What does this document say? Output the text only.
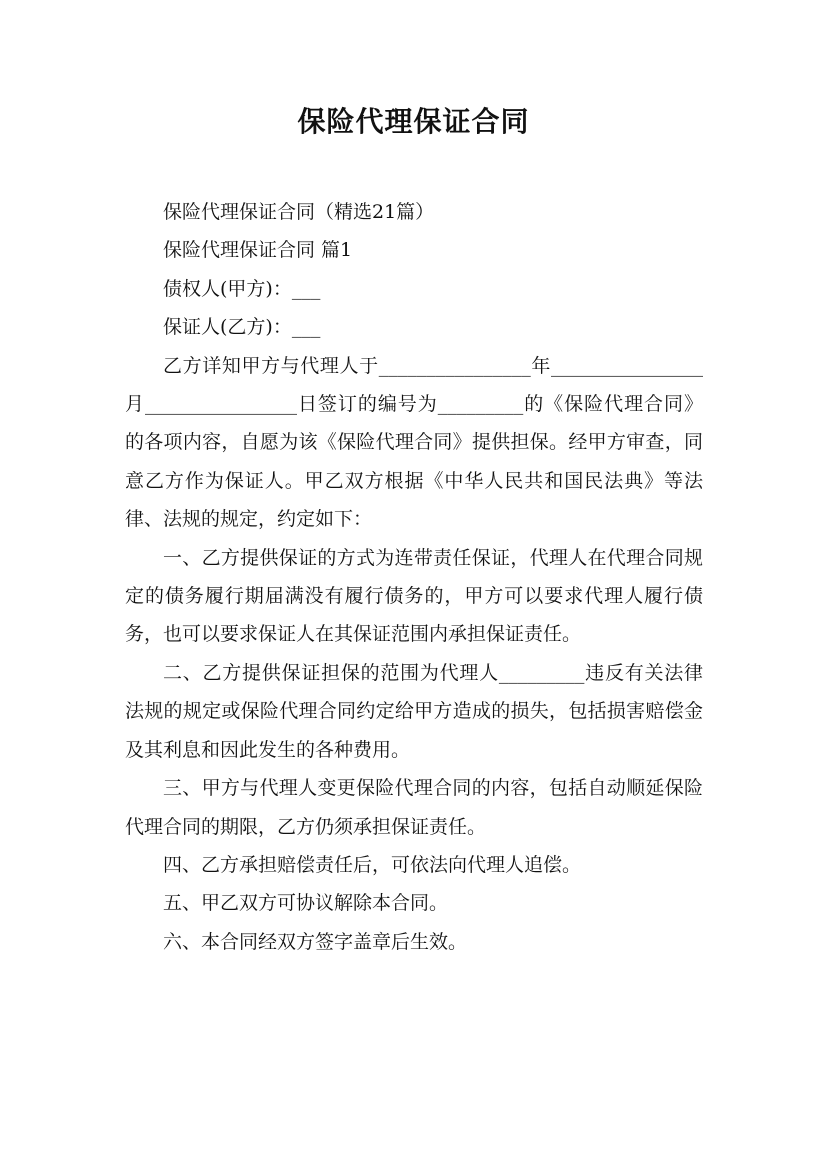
保险代理保证合同

保险代理保证合同（精选21篇）

保险代理保证合同 篇1

债权人(甲方)：___

保证人(乙方)：___

乙方详知甲方与代理人于________________年________________月________________日签订的编号为_________的《保险代理合同》的各项内容，自愿为该《保险代理合同》提供担保。经甲方审查，同意乙方作为保证人。甲乙双方根据《中华人民共和国民法典》等法律、法规的规定，约定如下：

一、乙方提供保证的方式为连带责任保证，代理人在代理合同规定的债务履行期届满没有履行债务的，甲方可以要求代理人履行债务，也可以要求保证人在其保证范围内承担保证责任。

二、乙方提供保证担保的范围为代理人_________违反有关法律法规的规定或保险代理合同约定给甲方造成的损失，包括损害赔偿金及其利息和因此发生的各种费用。

三、甲方与代理人变更保险代理合同的内容，包括自动顺延保险代理合同的期限，乙方仍须承担保证责任。

四、乙方承担赔偿责任后，可依法向代理人追偿。

五、甲乙双方可协议解除本合同。

六、本合同经双方签字盖章后生效。
